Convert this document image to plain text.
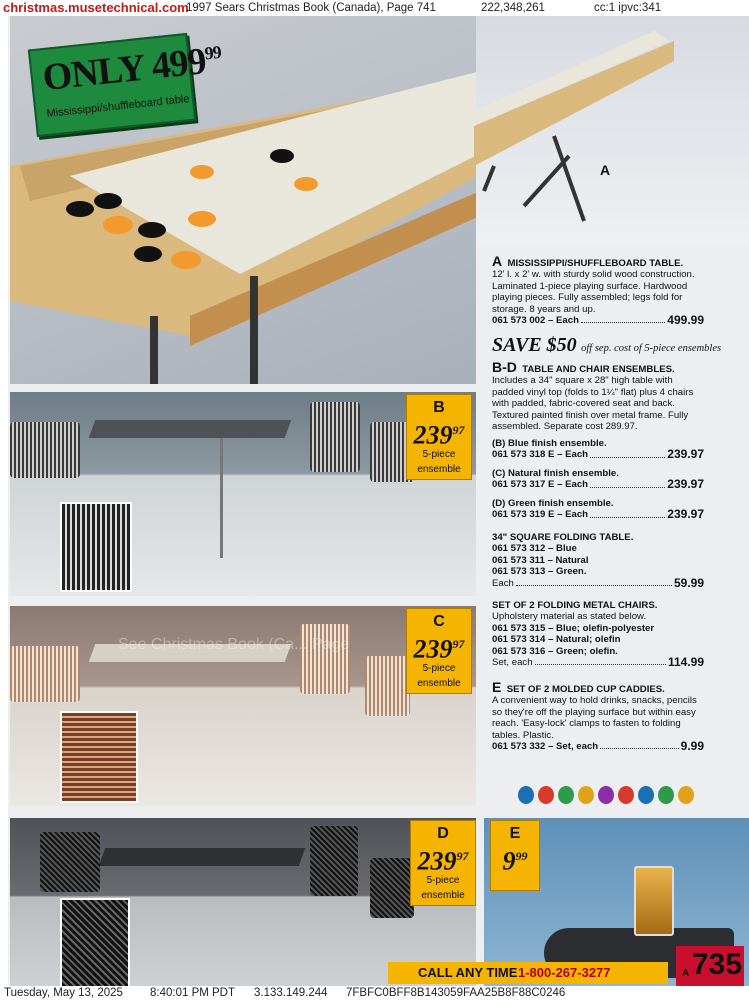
christmas.musetechnical.com
1997 Sears Christmas Book (Canada), Page 741	222,348,261	cc:1 ipvc:341
ONLY $499^{99}$
Mississippi/shuffleboard table
A
B
$239^{97}$
5-piece
ensemble
See Christmas Book (Ca... Page
C
$239^{97}$
5-piece
ensemble
D
$239^{97}$
5-piece
ensemble
E
$9^{99}$

A MISSISSIPPI/SHUFFLEBOARD TABLE.
12' l. x 2' w. with sturdy solid wood construction. Laminated 1-piece playing surface. Hardwood playing pieces. Fully assembled; legs fold for storage. 8 years and up.
061 573 002 – Each	499.99
SAVE $50 off sep. cost of 5-piece ensembles
B-D TABLE AND CHAIR ENSEMBLES.
Includes a 34" square x 28" high table with padded vinyl top (folds to 1¼" flat) plus 4 chairs with padded, fabric-covered seat and back. Textured painted finish over metal frame. Fully assembled. Separate cost 289.97.
(B) Blue finish ensemble.
061 573 318 E – Each	239.97
(C) Natural finish ensemble.
061 573 317 E – Each	239.97
(D) Green finish ensemble.
061 573 319 E – Each	239.97
34" SQUARE FOLDING TABLE.
061 573 312 – Blue
061 573 311 – Natural
061 573 313 – Green.
Each	59.99
SET OF 2 FOLDING METAL CHAIRS.
Upholstery material as stated below.
061 573 315 – Blue; olefin-polyester
061 573 314 – Natural; olefin
061 573 316 – Green; olefin.
Set, each	114.99
E SET OF 2 MOLDED CUP CADDIES.
A convenient way to hold drinks, snacks, pencils so they're off the playing surface but within easy reach. 'Easy-lock' clamps to fasten to folding tables. Plastic.
061 573 332 – Set, each	9.99
CALL ANY TIME 1-800-267-3277	A 735
Tuesday, May 13, 2025 8:40:01 PM PDT 3.133.149.244 7FBFC0BFF8B143059FAA25B8F88C0246
